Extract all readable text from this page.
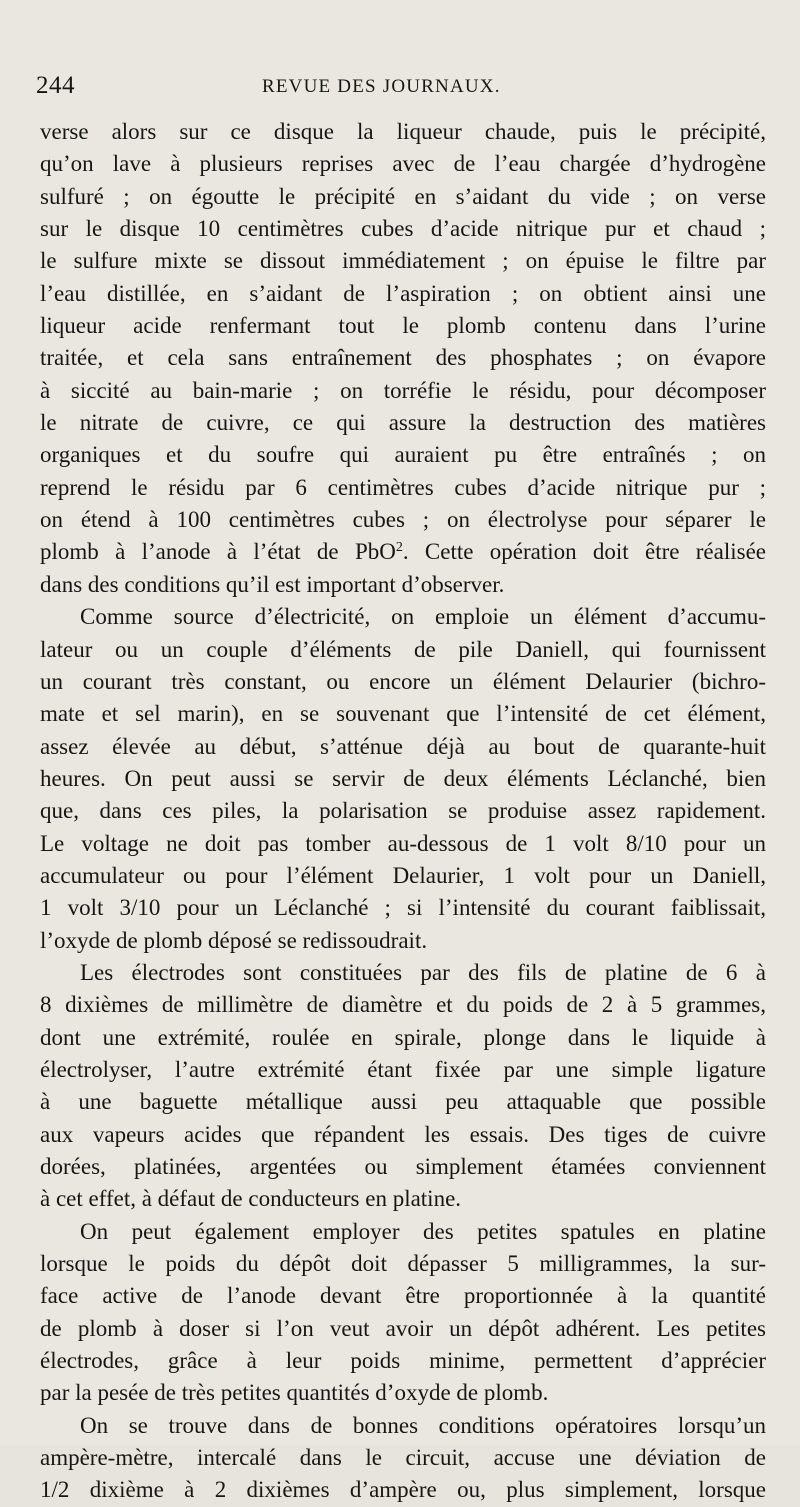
244	REVUE DES JOURNAUX.
verse alors sur ce disque la liqueur chaude, puis le précipité,
qu’on lave à plusieurs reprises avec de l’eau chargée d’hydrogène
sulfuré ; on égoutte le précipité en s’aidant du vide ; on verse
sur le disque 10 centimètres cubes d’acide nitrique pur et chaud ;
le sulfure mixte se dissout immédiatement ; on épuise le filtre par
l’eau distillée, en s’aidant de l’aspiration ; on obtient ainsi une
liqueur acide renfermant tout le plomb contenu dans l’urine
traitée, et cela sans entraînement des phosphates ; on évapore
à siccité au bain-marie ; on torréfie le résidu, pour décomposer
le nitrate de cuivre, ce qui assure la destruction des matières
organiques et du soufre qui auraient pu être entraînés ; on
reprend le résidu par 6 centimètres cubes d’acide nitrique pur ;
on étend à 100 centimètres cubes ; on électrolyse pour séparer le
plomb à l’anode à l’état de PbO$^2$. Cette opération doit être réalisée
dans des conditions qu’il est important d’observer.
Comme source d’électricité, on emploie un élément d’accumu-
lateur ou un couple d’éléments de pile Daniell, qui fournissent
un courant très constant, ou encore un élément Delaurier (bichro-
mate et sel marin), en se souvenant que l’intensité de cet élément,
assez élevée au début, s’atténue déjà au bout de quarante-huit
heures. On peut aussi se servir de deux éléments Léclanché, bien
que, dans ces piles, la polarisation se produise assez rapidement.
Le voltage ne doit pas tomber au-dessous de 1 volt 8/10 pour un
accumulateur ou pour l’élément Delaurier, 1 volt pour un Daniell,
1 volt 3/10 pour un Léclanché ; si l’intensité du courant faiblissait,
l’oxyde de plomb déposé se redissoudrait.
Les électrodes sont constituées par des fils de platine de 6 à
8 dixièmes de millimètre de diamètre et du poids de 2 à 5 grammes,
dont une extrémité, roulée en spirale, plonge dans le liquide à
électrolyser, l’autre extrémité étant fixée par une simple ligature
à une baguette métallique aussi peu attaquable que possible
aux vapeurs acides que répandent les essais. Des tiges de cuivre
dorées, platinées, argentées ou simplement étamées conviennent
à cet effet, à défaut de conducteurs en platine.
On peut également employer des petites spatules en platine
lorsque le poids du dépôt doit dépasser 5 milligrammes, la sur-
face active de l’anode devant être proportionnée à la quantité
de plomb à doser si l’on veut avoir un dépôt adhérent. Les petites
électrodes, grâce à leur poids minime, permettent d’apprécier
par la pesée de très petites quantités d’oxyde de plomb.
On se trouve dans de bonnes conditions opératoires lorsqu’un
ampère-mètre, intercalé dans le circuit, accuse une déviation de
1/2 dixième à 2 dixièmes d’ampère ou, plus simplement, lorsque
